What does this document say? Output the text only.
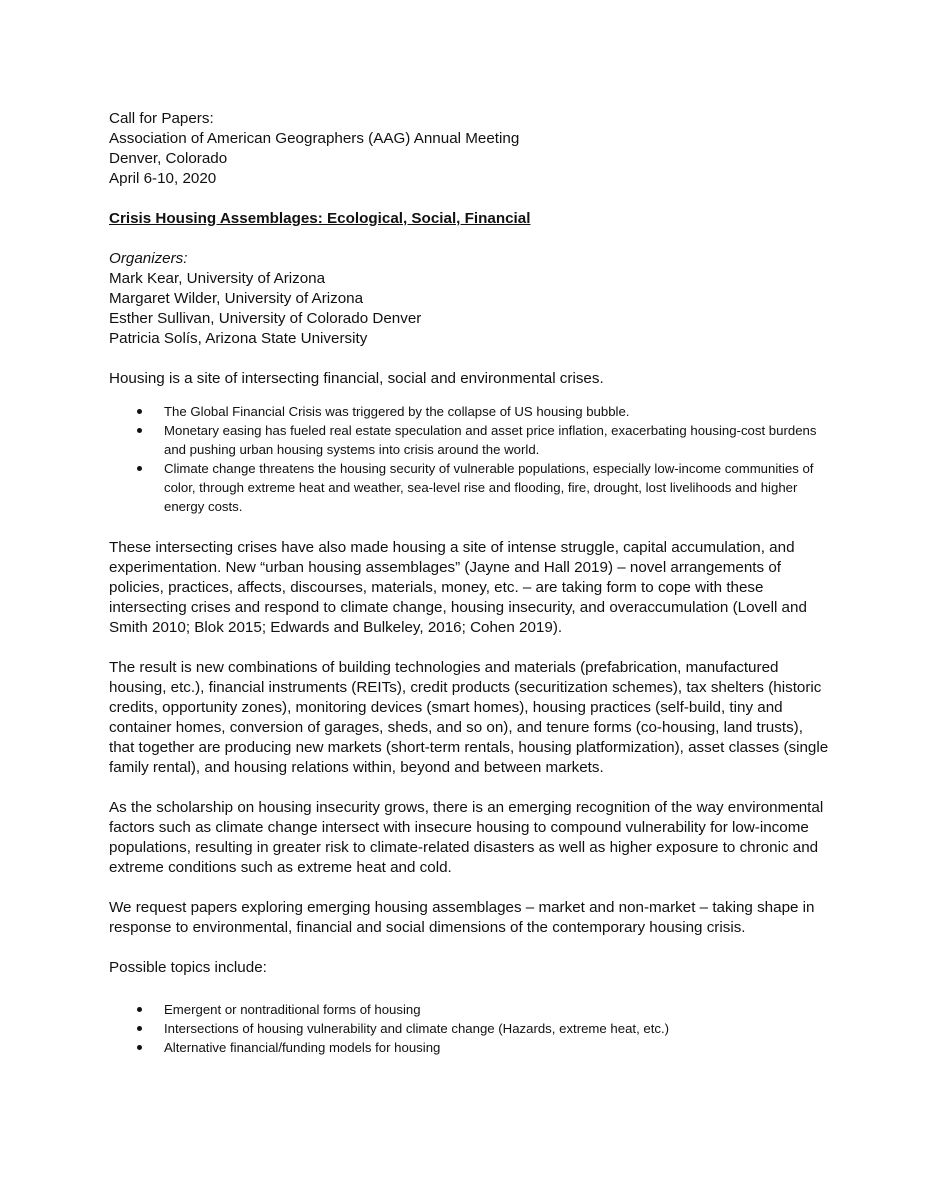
Call for Papers:
Association of American Geographers (AAG) Annual Meeting
Denver, Colorado
April 6-10, 2020
Crisis Housing Assemblages: Ecological, Social, Financial
Organizers:
Mark Kear, University of Arizona
Margaret Wilder, University of Arizona
Esther Sullivan, University of Colorado Denver
Patricia Solís, Arizona State University
Housing is a site of intersecting financial, social and environmental crises.
The Global Financial Crisis was triggered by the collapse of US housing bubble.
Monetary easing has fueled real estate speculation and asset price inflation, exacerbating housing-cost burdens and pushing urban housing systems into crisis around the world.
Climate change threatens the housing security of vulnerable populations, especially low-income communities of color, through extreme heat and weather, sea-level rise and flooding, fire, drought, lost livelihoods and higher energy costs.

These intersecting crises have also made housing a site of intense struggle, capital accumulation, and experimentation. New “urban housing assemblages” (Jayne and Hall 2019) – novel arrangements of policies, practices, affects, discourses, materials, money, etc. – are taking form to cope with these intersecting crises and respond to climate change, housing insecurity, and overaccumulation (Lovell and Smith 2010; Blok 2015; Edwards and Bulkeley, 2016; Cohen 2019).

The result is new combinations of building technologies and materials (prefabrication, manufactured housing, etc.), financial instruments (REITs), credit products (securitization schemes), tax shelters (historic credits, opportunity zones), monitoring devices (smart homes), housing practices (self-build, tiny and container homes, conversion of garages, sheds, and so on), and tenure forms (co-housing, land trusts), that together are producing new markets (short-term rentals, housing platformization), asset classes (single family rental), and housing relations within, beyond and between markets.

As the scholarship on housing insecurity grows, there is an emerging recognition of the way environmental factors such as climate change intersect with insecure housing to compound vulnerability for low-income populations, resulting in greater risk to climate-related disasters as well as higher exposure to chronic and extreme conditions such as extreme heat and cold.

We request papers exploring emerging housing assemblages – market and non-market – taking shape in response to environmental, financial and social dimensions of the contemporary housing crisis.

Possible topics include:
Emergent or nontraditional forms of housing
Intersections of housing vulnerability and climate change (Hazards, extreme heat, etc.)
Alternative financial/funding models for housing
